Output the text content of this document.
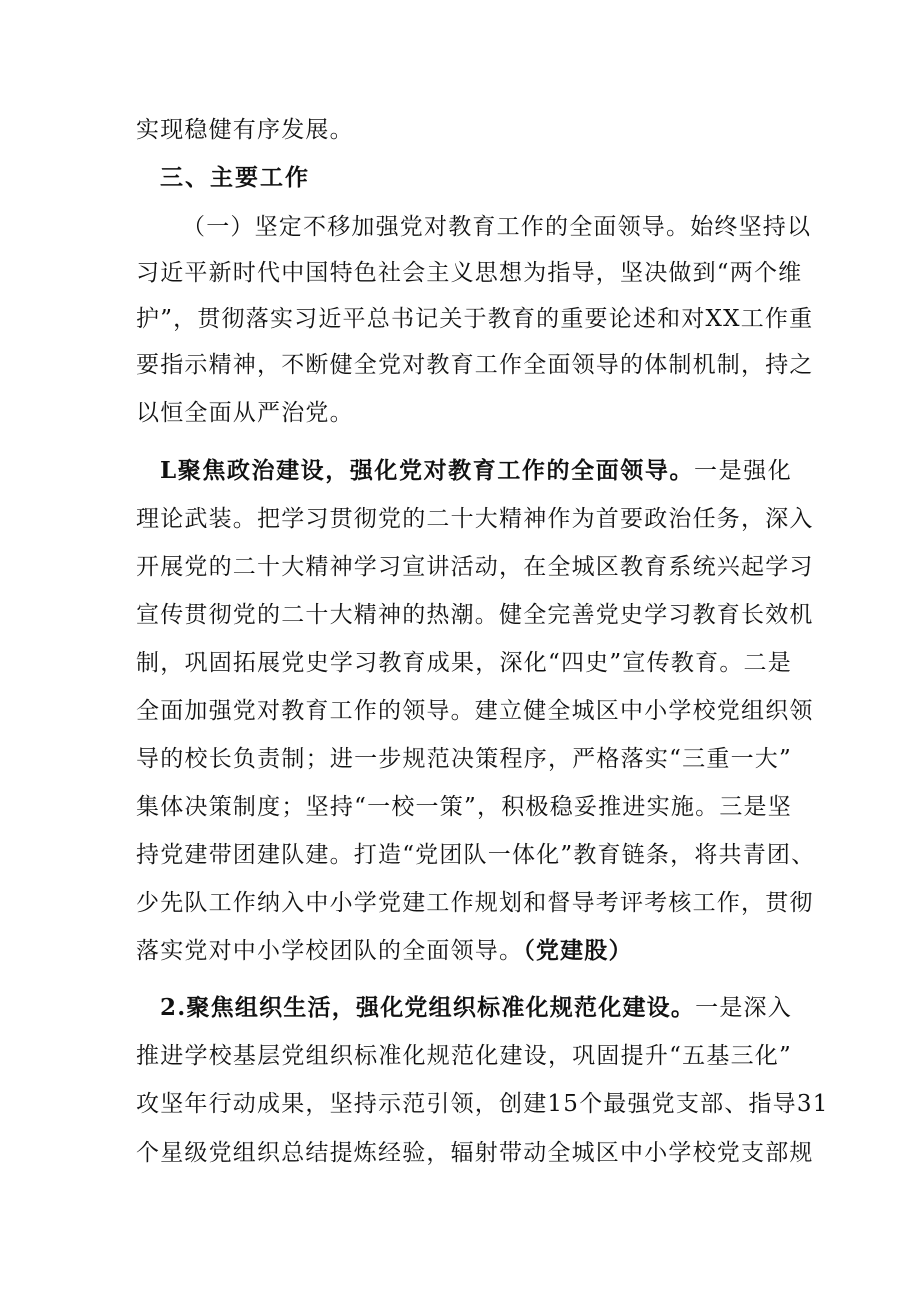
实现稳健有序发展。
三、主要工作
（一）坚定不移加强党对教育工作的全面领导。始终坚持以
习近平新时代中国特色社会主义思想为指导，坚决做到“两个维
护”，贯彻落实习近平总书记关于教育的重要论述和对XX工作重
要指示精神，不断健全党对教育工作全面领导的体制机制，持之
以恒全面从严治党。
L聚焦政治建设，强化党对教育工作的全面领导。一是强化
理论武装。把学习贯彻党的二十大精神作为首要政治任务，深入
开展党的二十大精神学习宣讲活动，在全城区教育系统兴起学习
宣传贯彻党的二十大精神的热潮。健全完善党史学习教育长效机
制，巩固拓展党史学习教育成果，深化“四史”宣传教育。二是
全面加强党对教育工作的领导。建立健全城区中小学校党组织领
导的校长负责制；进一步规范决策程序，严格落实“三重一大”
集体决策制度；坚持“一校一策”，积极稳妥推进实施。三是坚
持党建带团建队建。打造“党团队一体化”教育链条，将共青团、
少先队工作纳入中小学党建工作规划和督导考评考核工作，贯彻
落实党对中小学校团队的全面领导。（党建股）
2.聚焦组织生活，强化党组织标准化规范化建设。一是深入
推进学校基层党组织标准化规范化建设，巩固提升“五基三化”
攻坚年行动成果，坚持示范引领，创建15个最强党支部、指导31
个星级党组织总结提炼经验，辐射带动全城区中小学校党支部规
